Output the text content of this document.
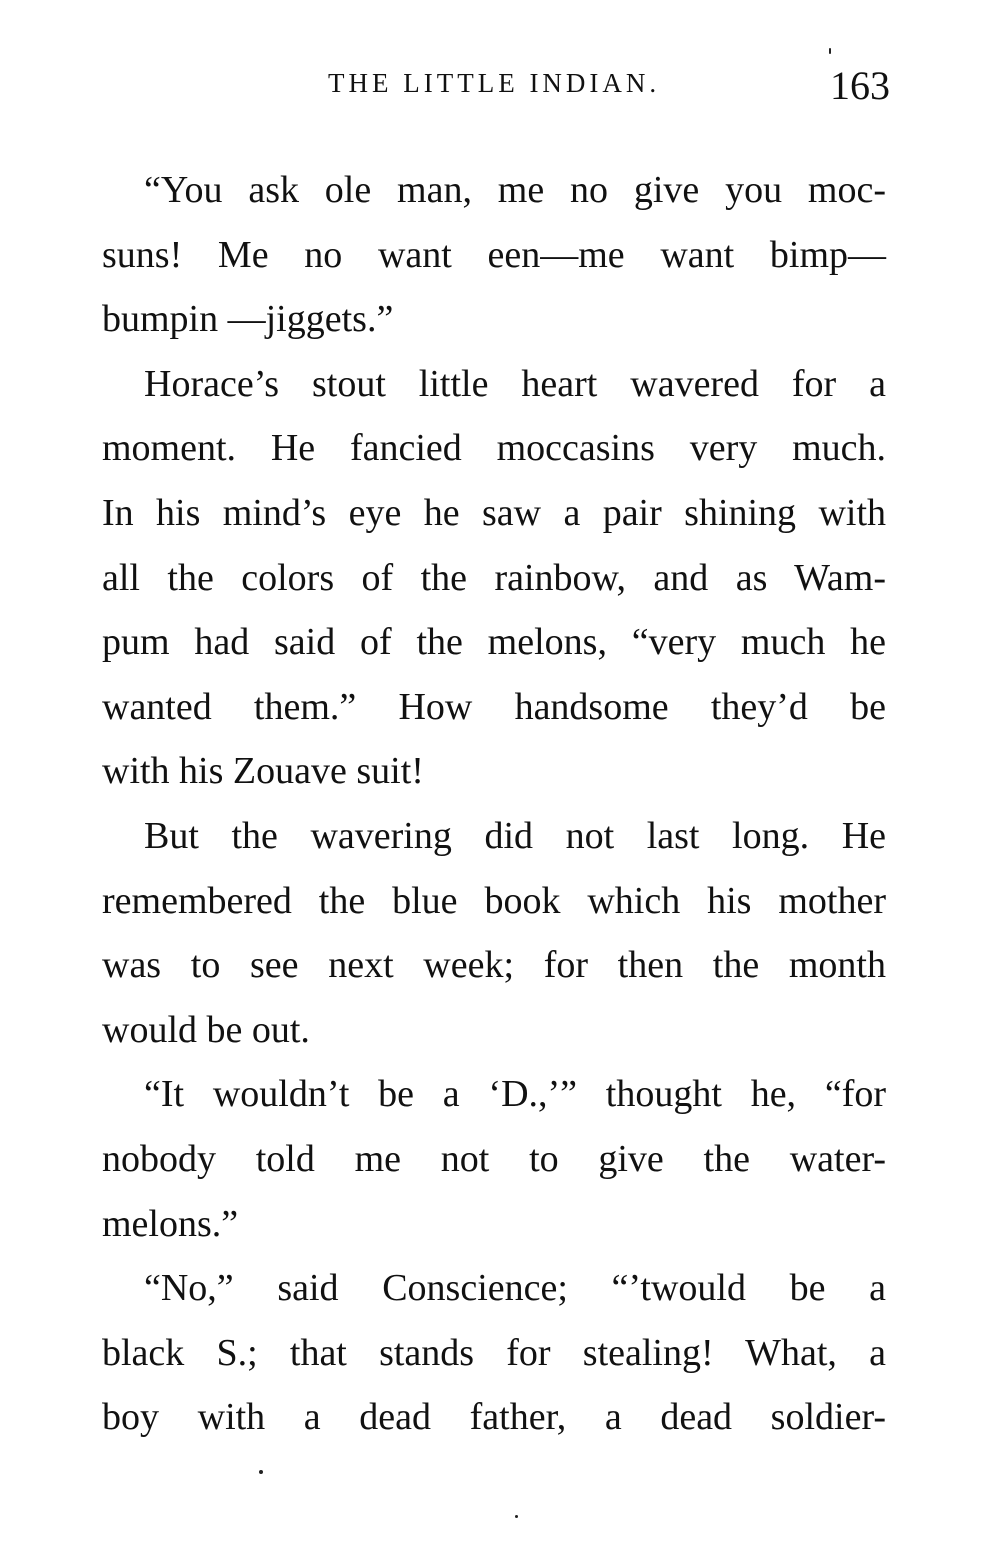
THE LITTLE INDIAN.	163
“You ask ole man, me no give you moc-
suns! Me no want een—me want bimp—
bumpin —jiggets.”
Horace’s stout little heart wavered for a
moment. He fancied moccasins very much.
In his mind’s eye he saw a pair shining with
all the colors of the rainbow, and as Wam-
pum had said of the melons, “very much he
wanted them.” How handsome they’d be
with his Zouave suit!
But the wavering did not last long. He
remembered the blue book which his mother
was to see next week; for then the month
would be out.
“It wouldn’t be a ‘D.,’” thought he, “for
nobody told me not to give the water-
melons.”
“No,” said Conscience; “’twould be a
black S.; that stands for stealing! What, a
boy with a dead father, a dead soldier-
